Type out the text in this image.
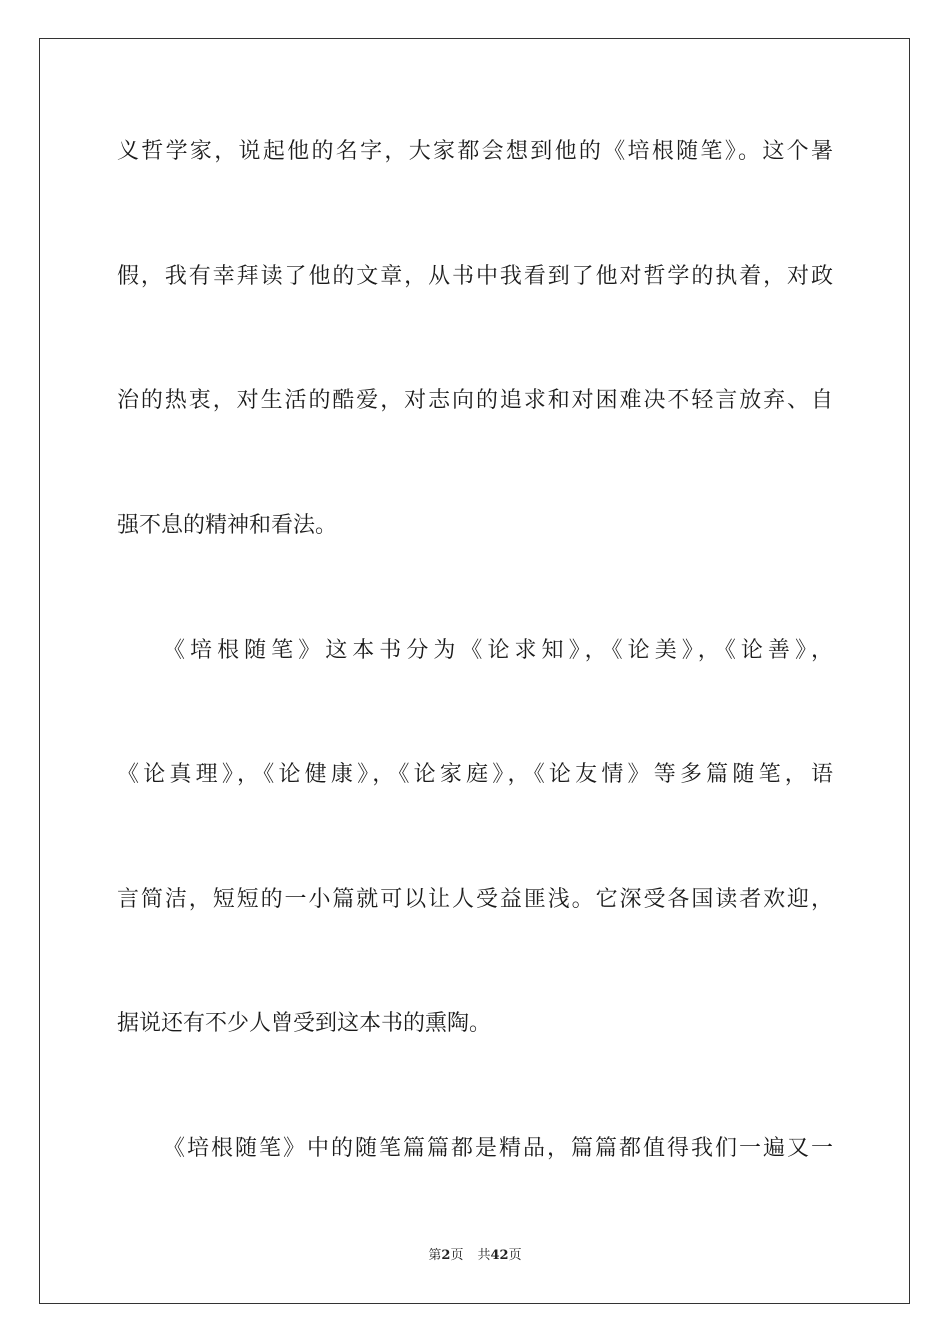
义哲学家，说起他的名字，大家都会想到他的《培根随笔》。这个暑
假，我有幸拜读了他的文章，从书中我看到了他对哲学的执着，对政
治的热衷，对生活的酷爱，对志向的追求和对困难决不轻言放弃、自
强不息的精神和看法。
《培根随笔》这本书分为《论求知》，《论美》，《论善》，
《论真理》，《论健康》，《论家庭》，《论友情》等多篇随笔，语
言简洁，短短的一小篇就可以让人受益匪浅。它深受各国读者欢迎，
据说还有不少人曾受到这本书的熏陶。
《培根随笔》中的随笔篇篇都是精品，篇篇都值得我们一遍又一
第2页 共42页
